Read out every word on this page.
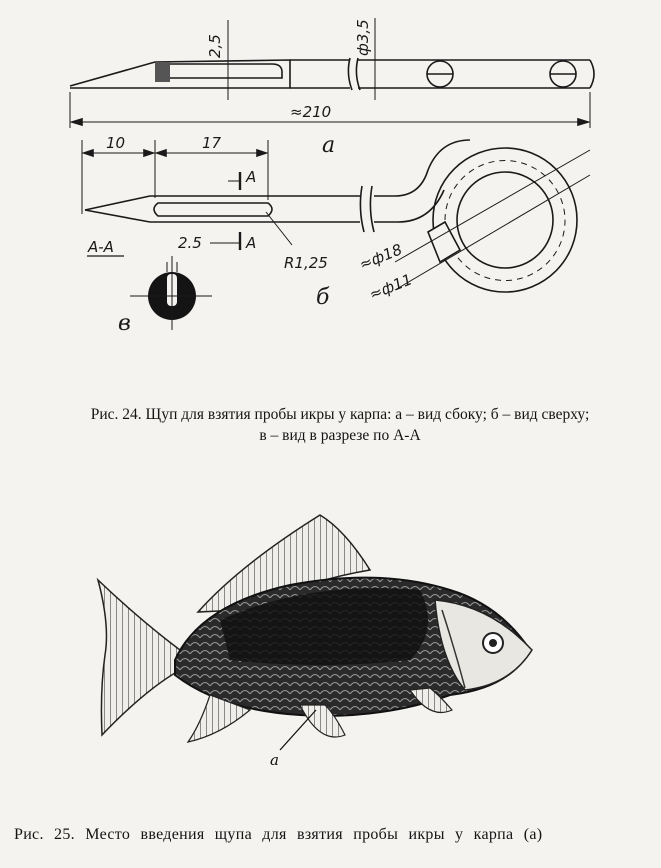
2,5	ф3,5
≈210
а
10	17
A
A-A	2.5	A
R1,25 ≈ф18
≈ф11
б
в
Рис. 24. Щуп для взятия пробы икры у карпа: а – вид сбоку; б – вид сверху;
в – вид в разрезе по А-А
а
Рис. 25. Место введения щупа для взятия пробы икры у карпа (а)
